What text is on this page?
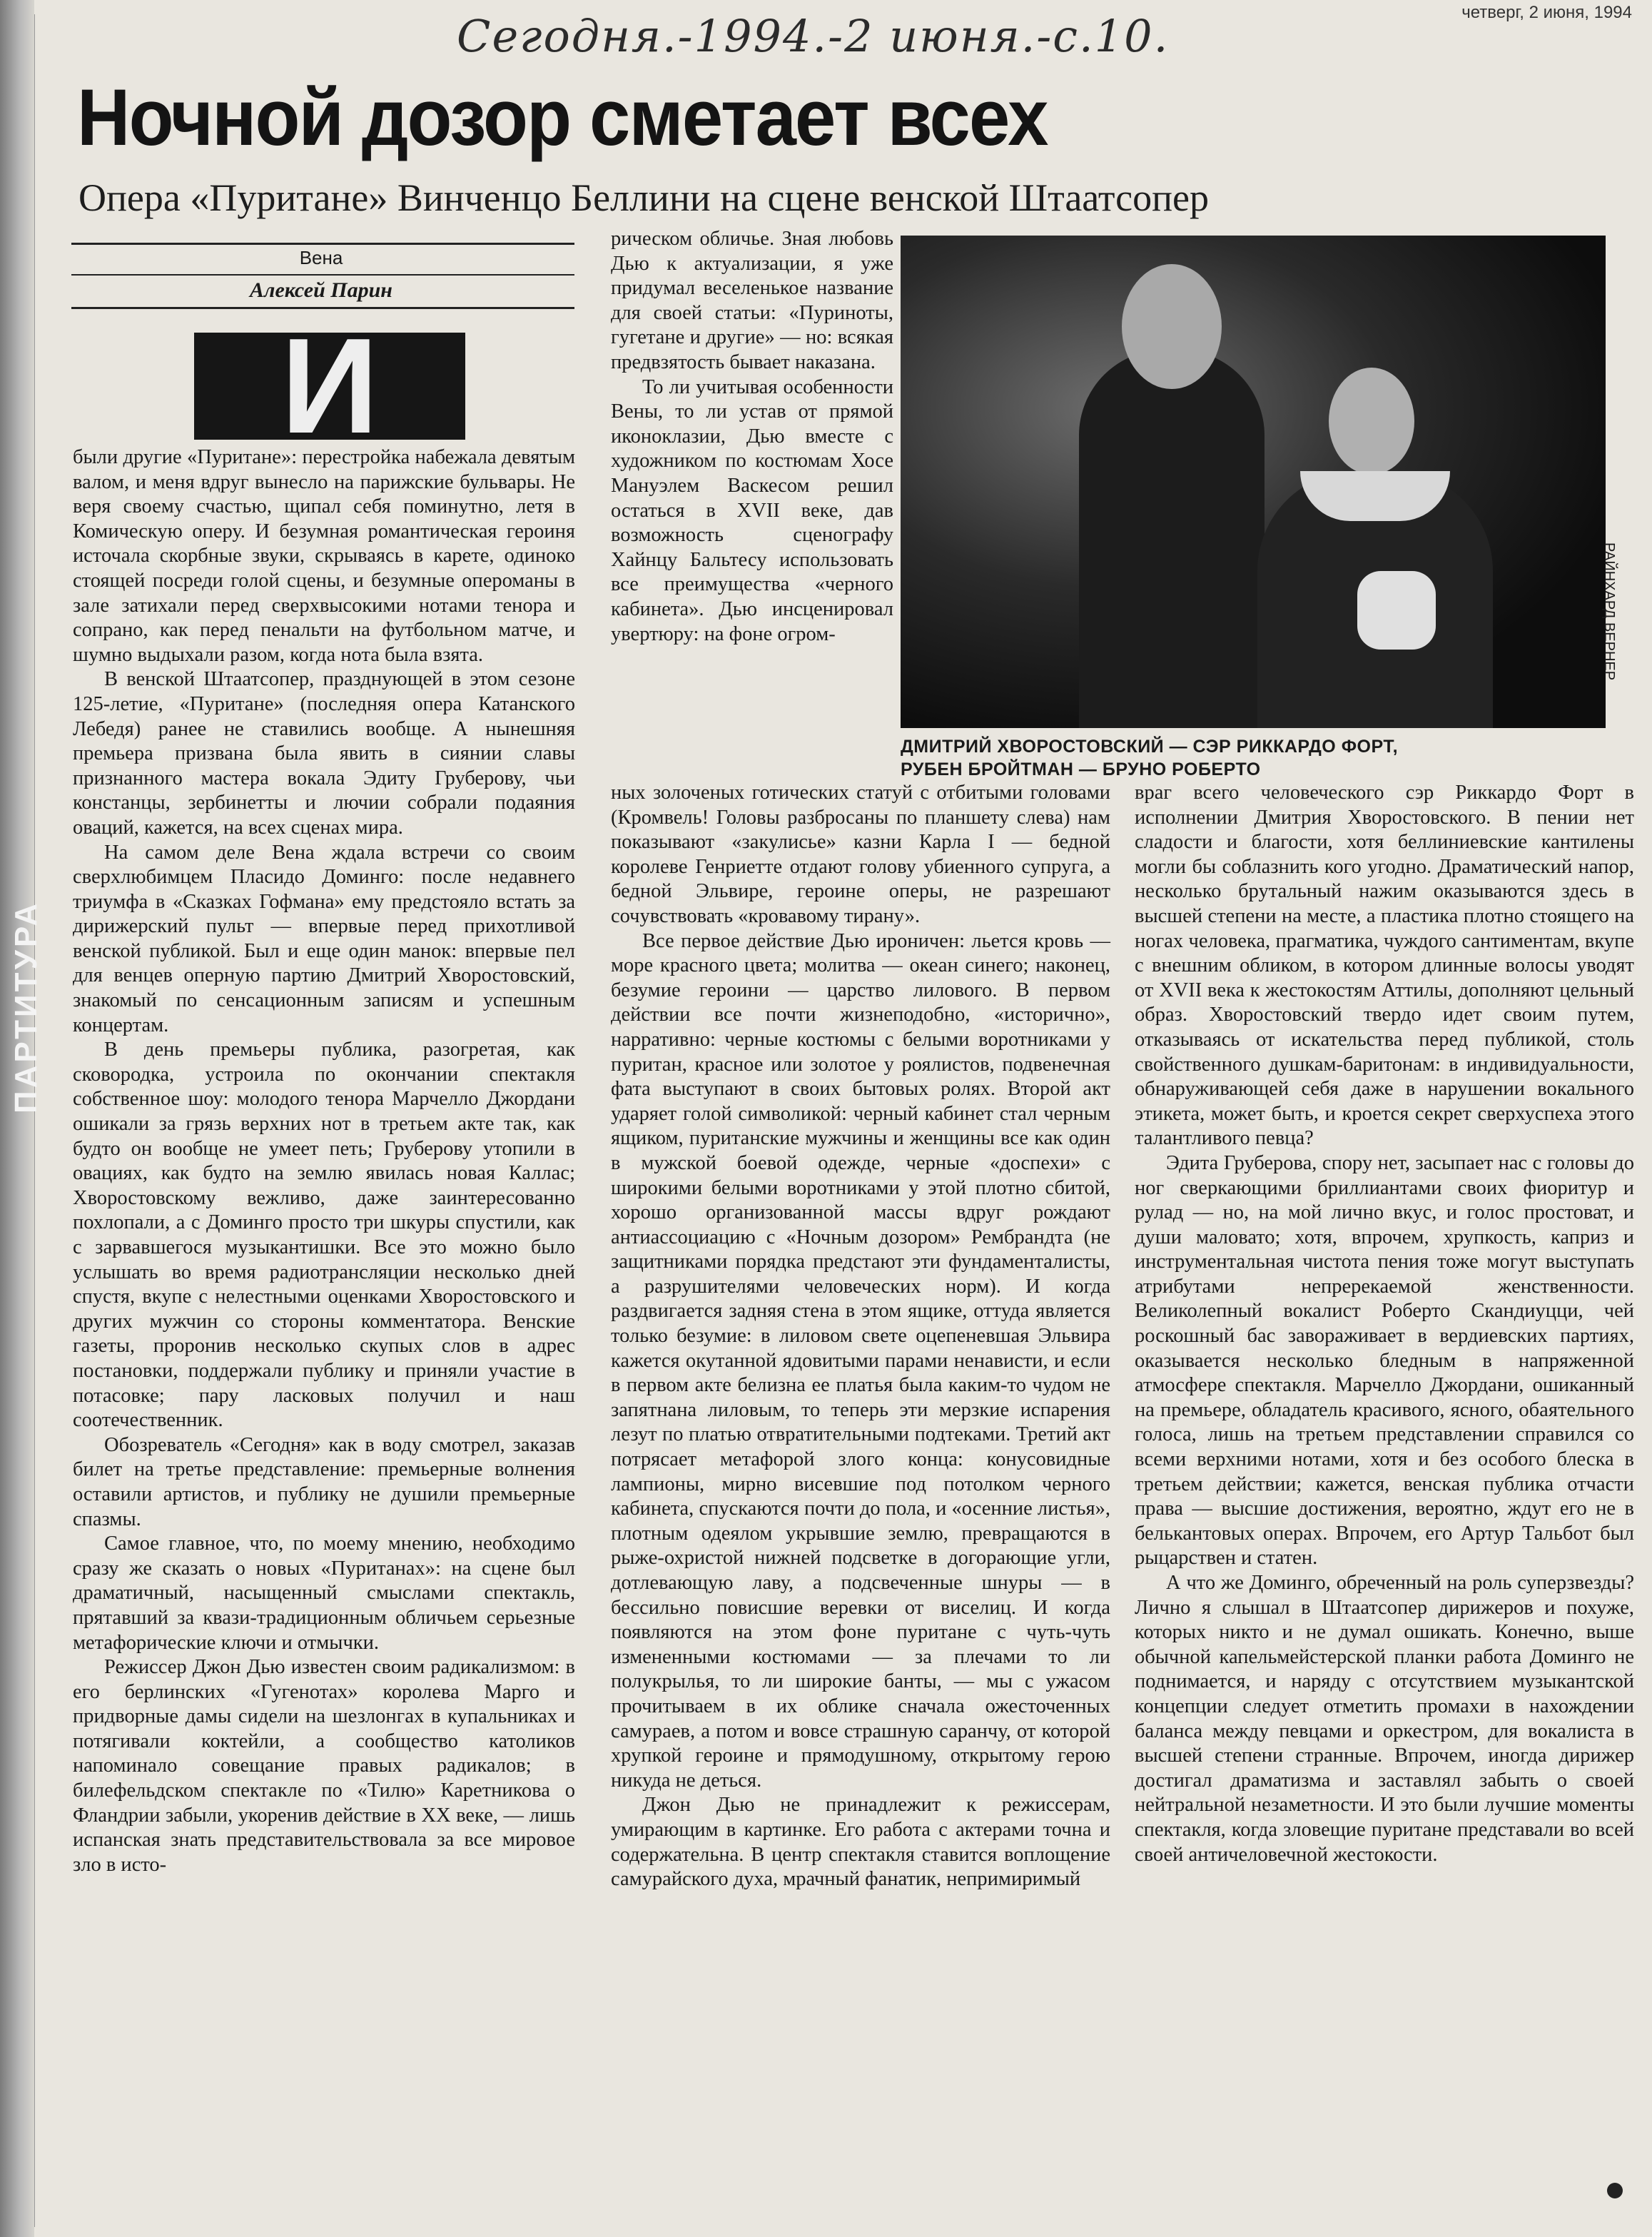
ПАРТИТУРА
четверг, 2 июня, 1994
Сегодня.-1994.-2 июня.-с.10.
Ночной дозор сметает всех
Опера «Пуритане» Винченцо Беллини на сцене венской Штаатсопер
Вена
Алексей Парин
И

были другие «Пуритане»: перестройка набежала девятым валом, и меня вдруг вынесло на парижские бульвары. Не веря своему счастью, щипал себя поминутно, летя в Комическую оперу. И безумная романтическая героиня источала скорбные звуки, скрываясь в карете, одиноко стоящей посреди голой сцены, и безумные опероманы в зале затихали перед сверхвысокими нотами тенора и сопрано, как перед пенальти на футбольном матче, и шумно выдыхали разом, когда нота была взята.

В венской Штаатсопер, празднующей в этом сезоне 125-летие, «Пуритане» (последняя опера Катанского Лебедя) ранее не ставились вообще. А нынешняя премьера призвана была явить в сиянии славы признанного мастера вокала Эдиту Груберову, чьи констанцы, зербинетты и лючии собрали подаяния оваций, кажется, на всех сценах мира.

На самом деле Вена ждала встречи со своим сверхлюбимцем Пласидо Доминго: после недавнего триумфа в «Сказках Гофмана» ему предстояло встать за дирижерский пульт — впервые перед прихотливой венской публикой. Был и еще один манок: впервые пел для венцев оперную партию Дмитрий Хворостовский, знакомый по сенсационным записям и успешным концертам.

В день премьеры публика, разогретая, как сковородка, устроила по окончании спектакля собственное шоу: молодого тенора Марчелло Джордани ошикали за грязь верхних нот в третьем акте так, как будто он вообще не умеет петь; Груберову утопили в овациях, как будто на землю явилась новая Каллас; Хворостовскому вежливо, даже заинтересованно похлопали, а с Доминго просто три шкуры спустили, как с зарвавшегося музыкантишки. Все это можно было услышать во время радиотрансляции несколько дней спустя, вкупе с нелестными оценками Хворостовского и других мужчин со стороны комментатора. Венские газеты, проронив несколько скупых слов в адрес постановки, поддержали публику и приняли участие в потасовке; пару ласковых получил и наш соотечественник.

Обозреватель «Сегодня» как в воду смотрел, заказав билет на третье представление: премьерные волнения оставили артистов, и публику не душили премьерные спазмы.

Самое главное, что, по моему мнению, необходимо сразу же сказать о новых «Пуританах»: на сцене был драматичный, насыщенный смыслами спектакль, прятавший за квази-традиционным обличьем серьезные метафорические ключи и отмычки.

Режиссер Джон Дью известен своим радикализмом: в его берлинских «Гугенотах» королева Марго и придворные дамы сидели на шезлонгах в купальниках и потягивали коктейли, а сообщество католиков напоминало совещание правых радикалов; в билефельдском спектакле по «Тилю» Каретникова о Фландрии забыли, укоренив действие в XX веке, — лишь испанская знать представительствовала за все мировое зло в исто-

рическом обличье. Зная любовь Дью к актуализации, я уже придумал веселенькое название для своей статьи: «Пуриноты, гугетане и другие» — но: всякая предвзятость бывает наказана.

То ли учитывая особенности Вены, то ли устав от прямой иконоклазии, Дью вместе с художником по костюмам Хосе Мануэлем Васкесом решил остаться в XVII веке, дав возможность сценографу Хайнцу Бальтесу использовать все преимущества «черного кабинета». Дью инсценировал увертюру: на фоне огром-

ных золоченых готических статуй с отбитыми головами (Кромвель! Головы разбросаны по планшету слева) нам показывают «закулисье» казни Карла I — бедной королеве Генриетте отдают голову убиенного супруга, а бедной Эльвире, героине оперы, не разрешают сочувствовать «кровавому тирану».

Все первое действие Дью ироничен: льется кровь — море красного цвета; молитва — океан синего; наконец, безумие героини — царство лилового. В первом действии все почти жизнеподобно, «исторично», нарративно: черные костюмы с белыми воротниками у пуритан, красное или золотое у роялистов, подвенечная фата выступают в своих бытовых ролях. Второй акт ударяет голой символикой: черный кабинет стал черным ящиком, пуританские мужчины и женщины все как один в мужской боевой одежде, черные «доспехи» с широкими белыми воротниками у этой плотно сбитой, хорошо организованной массы вдруг рождают антиассоциацию с «Ночным дозором» Рембрандта (не защитниками порядка предстают эти фундаменталисты, а разрушителями человеческих норм). И когда раздвигается задняя стена в этом ящике, оттуда является только безумие: в лиловом свете оцепеневшая Эльвира кажется окутанной ядовитыми парами ненависти, и если в первом акте белизна ее платья была каким-то чудом не запятнана лиловым, то теперь эти мерзкие испарения лезут по платью отвратительными подтеками. Третий акт потрясает метафорой злого конца: конусовидные лампионы, мирно висевшие под потолком черного кабинета, спускаются почти до пола, и «осенние листья», плотным одеялом укрывшие землю, превращаются в рыже-охристой нижней подсветке в догорающие угли, дотлевающую лаву, а подсвеченные шнуры — в бессильно повисшие веревки от виселиц. И когда появляются на этом фоне пуритане с чуть-чуть измененными костюмами — за плечами то ли полукрылья, то ли широкие банты, — мы с ужасом прочитываем в их облике сначала ожесточенных самураев, а потом и вовсе страшную саранчу, от которой хрупкой героине и прямодушному, открытому герою никуда не деться.

Джон Дью не принадлежит к режиссерам, умирающим в картинке. Его работа с актерами точна и содержательна. В центр спектакля ставится воплощение самурайского духа, мрачный фанатик, непримиримый

враг всего человеческого сэр Риккардо Форт в исполнении Дмитрия Хворостовского. В пении нет сладости и благости, хотя беллиниевские кантилены могли бы соблазнить кого угодно. Драматический напор, несколько брутальный нажим оказываются здесь в высшей степени на месте, а пластика плотно стоящего на ногах человека, прагматика, чуждого сантиментам, вкупе с внешним обликом, в котором длинные волосы уводят от XVII века к жестокостям Аттилы, дополняют цельный образ. Хворостовский твердо идет своим путем, отказываясь от искательства перед публикой, столь свойственного душкам-баритонам: в индивидуальности, обнаруживающей себя даже в нарушении вокального этикета, может быть, и кроется секрет сверхуспеха этого талантливого певца?

Эдита Груберова, спору нет, засыпает нас с головы до ног сверкающими бриллиантами своих фиоритур и рулад — но, на мой лично вкус, и голос простоват, и души маловато; хотя, впрочем, хрупкость, каприз и инструментальная чистота пения тоже могут выступать атрибутами непререкаемой женственности. Великолепный вокалист Роберто Скандиуцци, чей роскошный бас завораживает в вердиевских партиях, оказывается несколько бледным в напряженной атмосфере спектакля. Марчелло Джордани, ошиканный на премьере, обладатель красивого, ясного, обаятельного голоса, лишь на третьем представлении справился со всеми верхними нотами, хотя и без особого блеска в третьем действии; кажется, венская публика отчасти права — высшие достижения, вероятно, ждут его не в белькантовых операх. Впрочем, его Артур Тальбот был рыцарствен и статен.

А что же Доминго, обреченный на роль суперзвезды? Лично я слышал в Штаатсопер дирижеров и похуже, которых никто и не думал ошикать. Конечно, выше обычной капельмейстерской планки работа Доминго не поднимается, и наряду с отсутствием музыкантской концепции следует отметить промахи в нахождении баланса между певцами и оркестром, для вокалиста в высшей степени странные. Впрочем, иногда дирижер достигал драматизма и заставлял забыть о своей нейтральной незаметности. И это были лучшие моменты спектакля, когда зловещие пуритане представали во всей своей античеловечной жестокости.

РАЙНХАРД ВЕРНЕР
ДМИТРИЙ ХВОРОСТОВСКИЙ — СЭР РИККАРДО ФОРТ,
РУБЕН БРОЙТМАН — БРУНО РОБЕРТО
